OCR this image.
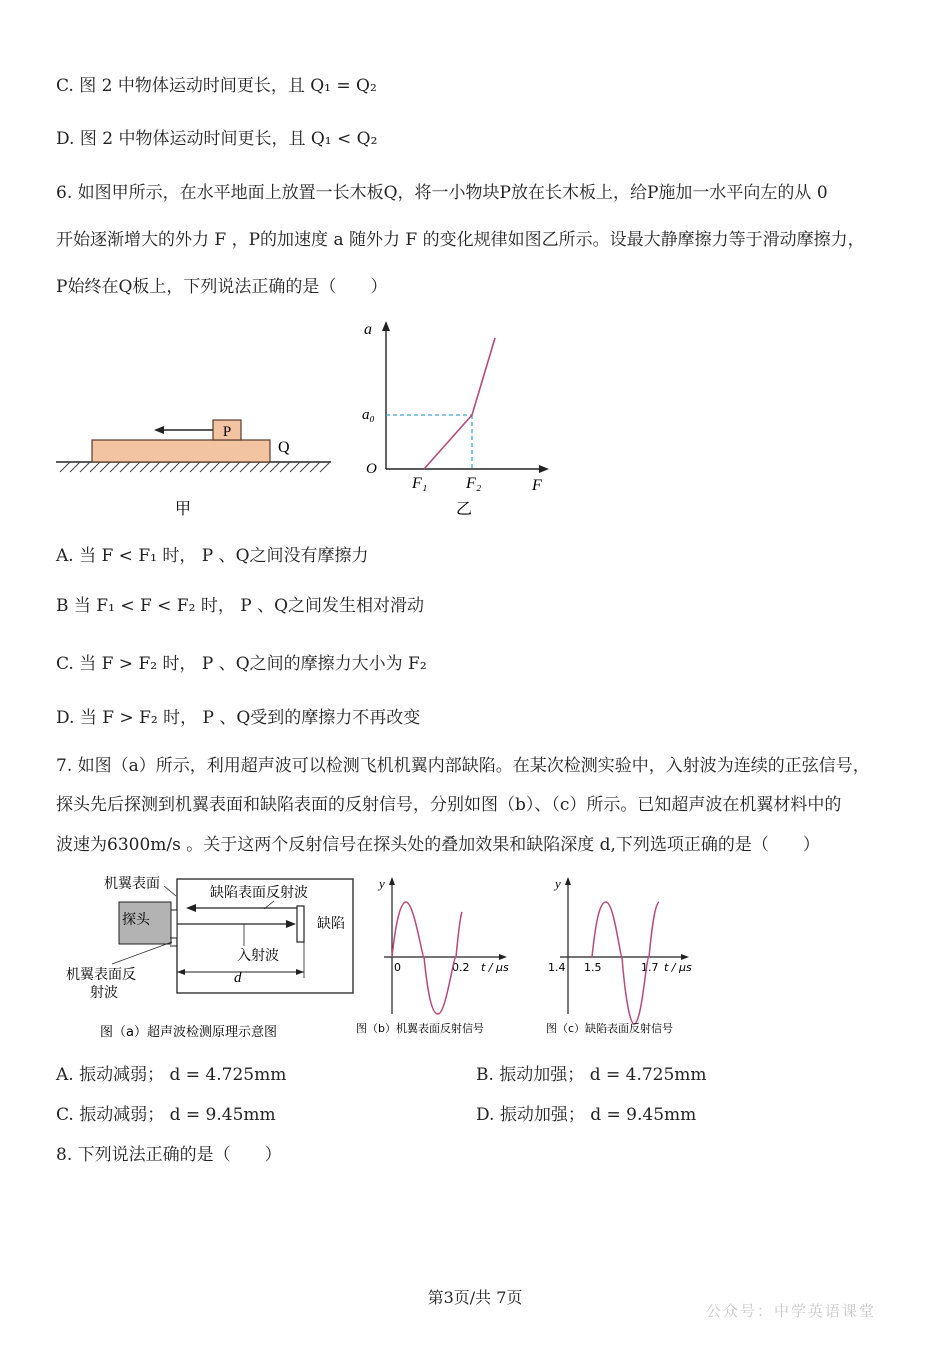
C. 图 2 中物体运动时间更长，且 Q₁ = Q₂
D. 图 2 中物体运动时间更长，且 Q₁ < Q₂
6. 如图甲所示，在水平地面上放置一长木板Q，将一小物块P放在长木板上，给P施加一水平向左的从 0
开始逐渐增大的外力 F ，P的加速度 a 随外力 F 的变化规律如图乙所示。设最大静摩擦力等于滑动摩擦力，
P始终在Q板上，下列说法正确的是（　　）
P
Q
甲
a
F
O
a₀
F₁ F₂
乙
A. 当 F < F₁ 时， P 、Q之间没有摩擦力
B 当 F₁ < F < F₂ 时， P 、Q之间发生相对滑动
C. 当 F > F₂ 时， P 、Q之间的摩擦力大小为 F₂
D. 当 F > F₂ 时， P 、Q受到的摩擦力不再改变
7. 如图（a）所示，利用超声波可以检测飞机机翼内部缺陷。在某次检测实验中，入射波为连续的正弦信号，
探头先后探测到机翼表面和缺陷表面的反射信号，分别如图（b）、（c）所示。已知超声波在机翼材料中的
波速为6300m/s 。关于这两个反射信号在探头处的叠加效果和缺陷深度 d,下列选项正确的是（　　）
探头	缺陷
机翼表面
缺陷表面反射波
入射波
机翼表面反
射波
d
图（a）超声波检测原理示意图
y
0	0.2 t / μs
图（b）机翼表面反射信号
y
1.4 1.5	1.7 t / μs
图（c）缺陷表面反射信号
A. 振动减弱； d = 4.725mm	B. 振动加强； d = 4.725mm
C. 振动减弱； d = 9.45mm	D. 振动加强； d = 9.45mm
8. 下列说法正确的是（　　）
第3页/共 7页
公众号：中学英语课堂
